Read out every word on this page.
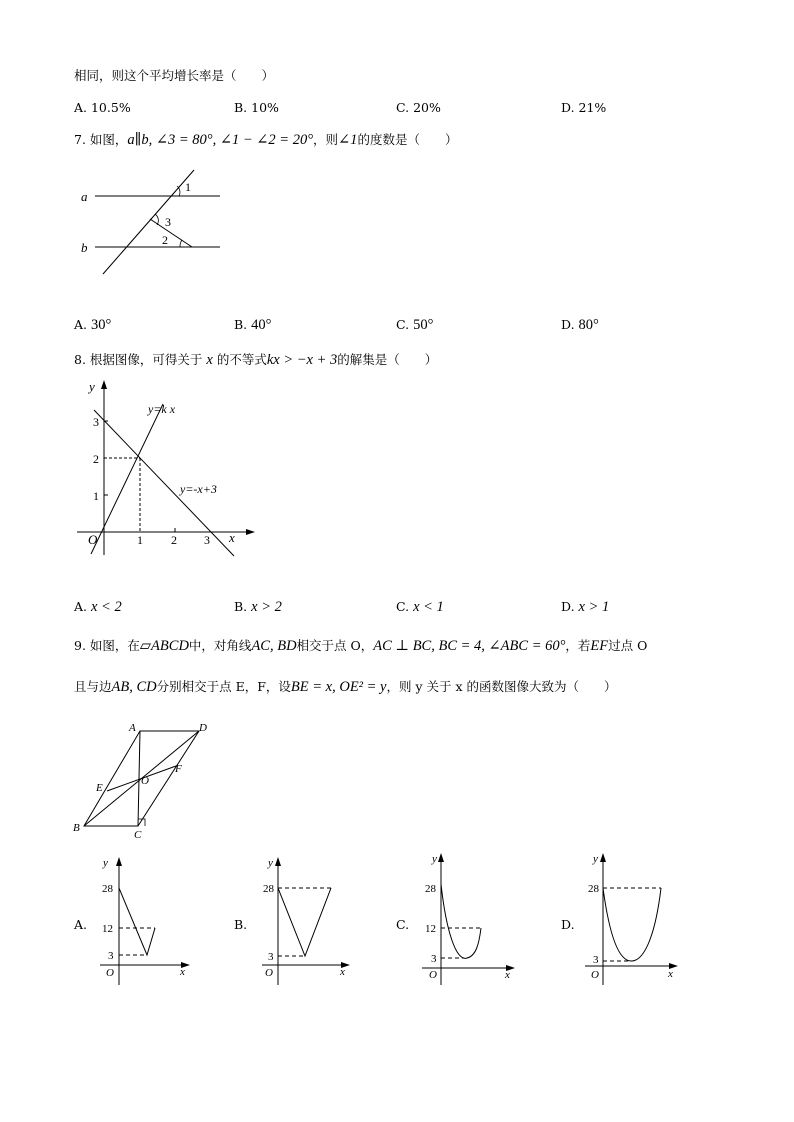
相同，则这个平均增长率是（　　）
A. 10.5%	B. 10%	C. 20%	D. 21%
7. 如图，a∥b, ∠3 = 80°, ∠1 − ∠2 = 20°，则∠1的度数是（　　）
a
b
1
3
2
A. 30°	B. 40°	C. 50°	D. 80°
8. 根据图像，可得关于 x 的不等式kx > −x + 3的解集是（　　）
y
x
O	1 2 3
1
2
3
y=k x
y=-x+3
A. x < 2	B. x > 2	C. x < 1	D. x > 1
9. 如图，在▱ABCD中，对角线AC, BD相交于点 O，AC ⊥ BC, BC = 4, ∠ABC = 60°，若EF过点 O
且与边AB, CD分别相交于点 E，F，设BE = x, OE² = y，则 y 关于 x 的函数图像大致为（　　）
A	D
B
C
E
F
O
A.
y
x
O
28
12
3
B.
y
x
O
28
3
C.
y
x
O
28
12
3
D.
y
x
O
28
3
